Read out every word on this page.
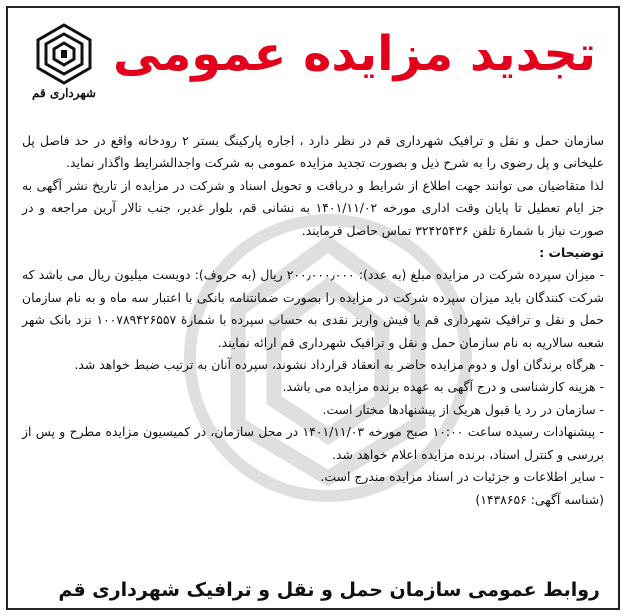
شهرداری قم
تجدید مزایده عمومی

سازمان حمل و نقل و ترافیک شهرداری قم در نظر دارد ، اجاره پارکینگ بستر ۲ رودخانه واقع در حد فاصل پل علیخانی و پل رضوی را به شرح ذیل و بصورت تجدید مزایده عمومی به شرکت واجدالشرایط واگذار نماید.

لذا متقاضیان می توانند جهت اطلاع از شرایط و دریافت و تحویل اسناد و شرکت در مزایده از تاریخ نشر آگهی به جز ایام تعطیل تا پایان وقت اداری مورخه ۱۴۰۱/۱۱/۰۲ به نشانی قم، بلوار غدیر، جنب تالار آرین مراجعه و در صورت نیاز با شمارهٔ تلفن ۳۲۴۲۵۴۳۶ تماس حاصل فرمایند.

توضیحات :

- میزان سپرده شرکت در مزایده مبلغ (به عدد): ۲۰۰٫۰۰۰٫۰۰۰ ریال (به حروف): دویست میلیون ریال می باشد که شرکت کنندگان باید میزان سپرده شرکت در مزایده را بصورت ضمانتنامه بانکی با اعتبار سه ماه و به نام سازمان حمل و نقل و ترافیک شهرداری قم یا فیش واریز نقدی به حساب سپرده با شمارهٔ ۱۰۰۷۸۹۴۲۶۵۵۷ نزد بانک شهر شعبه سالاریه به نام سازمان حمل و نقل و ترافیک شهرداری قم ارائه نمایند.

- هرگاه برندگان اول و دوم مزایده حاضر به انعقاد قرارداد نشوند، سپرده آنان به ترتیب ضبط خواهد شد.

- هزینه کارشناسی و درج آگهی به عهده برنده مزایده می باشد.

- سازمان در رد یا قبول هریک از پیشنهادها مختار است.

- پیشنهادات رسیده ساعت ۱۰:۰۰ صبح مورخه ۱۴۰۱/۱۱/۰۳ در محل سازمان، در کمیسیون مزایده مطرح و پس از بررسی و کنترل اسناد، برنده مزایده اعلام خواهد شد.

- سایر اطلاعات و جزئیات در اسناد مزایده مندرج است.

(شناسه آگهی: ۱۴۳۸۶۵۶)

روابط عمومی سازمان حمل و نقل و ترافیک شهرداری قم
